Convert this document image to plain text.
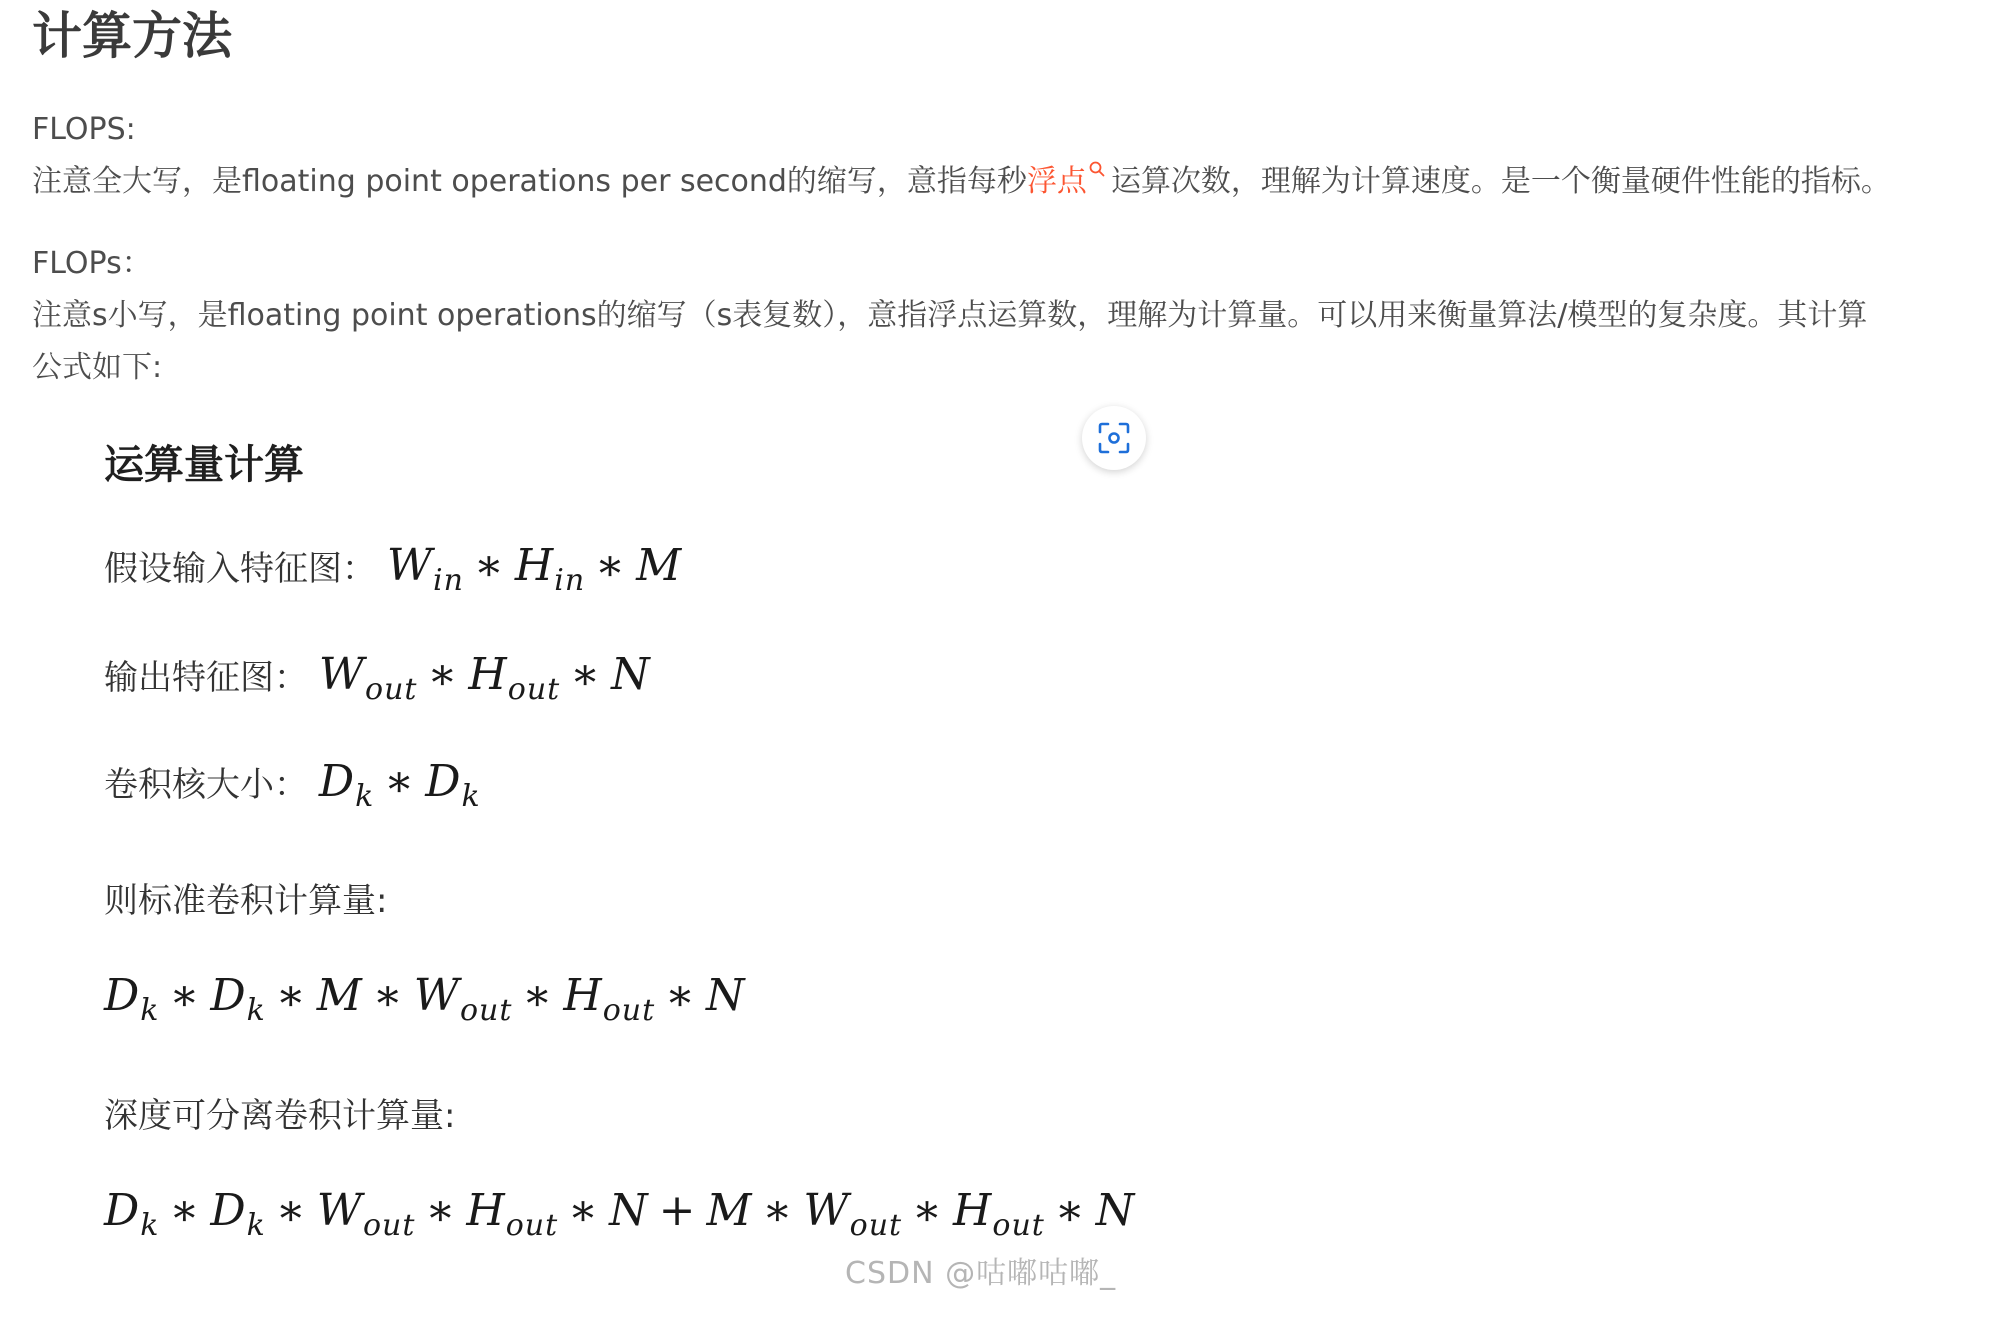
计算方法
FLOPS:
注意全大写，是floating point operations per second的缩写，意指每秒浮点 运算次数，理解为计算速度。是一个衡量硬件性能的指标。
FLOPs：
注意s小写，是floating point operations的缩写（s表复数），意指浮点运算数，理解为计算量。可以用来衡量算法/模型的复杂度。其计算
公式如下:
运算量计算
假设输入特征图： $W_{in}$ ∗ $H_{in}$ ∗ M
输出特征图： $W_{out}$ ∗ $H_{out}$ ∗ N
卷积核大小： $D_k$ ∗ $D_k$
则标准卷积计算量:
$D_k$ ∗ $D_k$ ∗ M ∗ $W_{out}$ ∗ $H_{out}$ ∗ N
深度可分离卷积计算量:
$D_k$ ∗ $D_k$ ∗ $W_{out}$ ∗ $H_{out}$ ∗ N + M ∗ $W_{out}$ ∗ $H_{out}$ ∗ N
CSDN @咕嘟咕嘟_
